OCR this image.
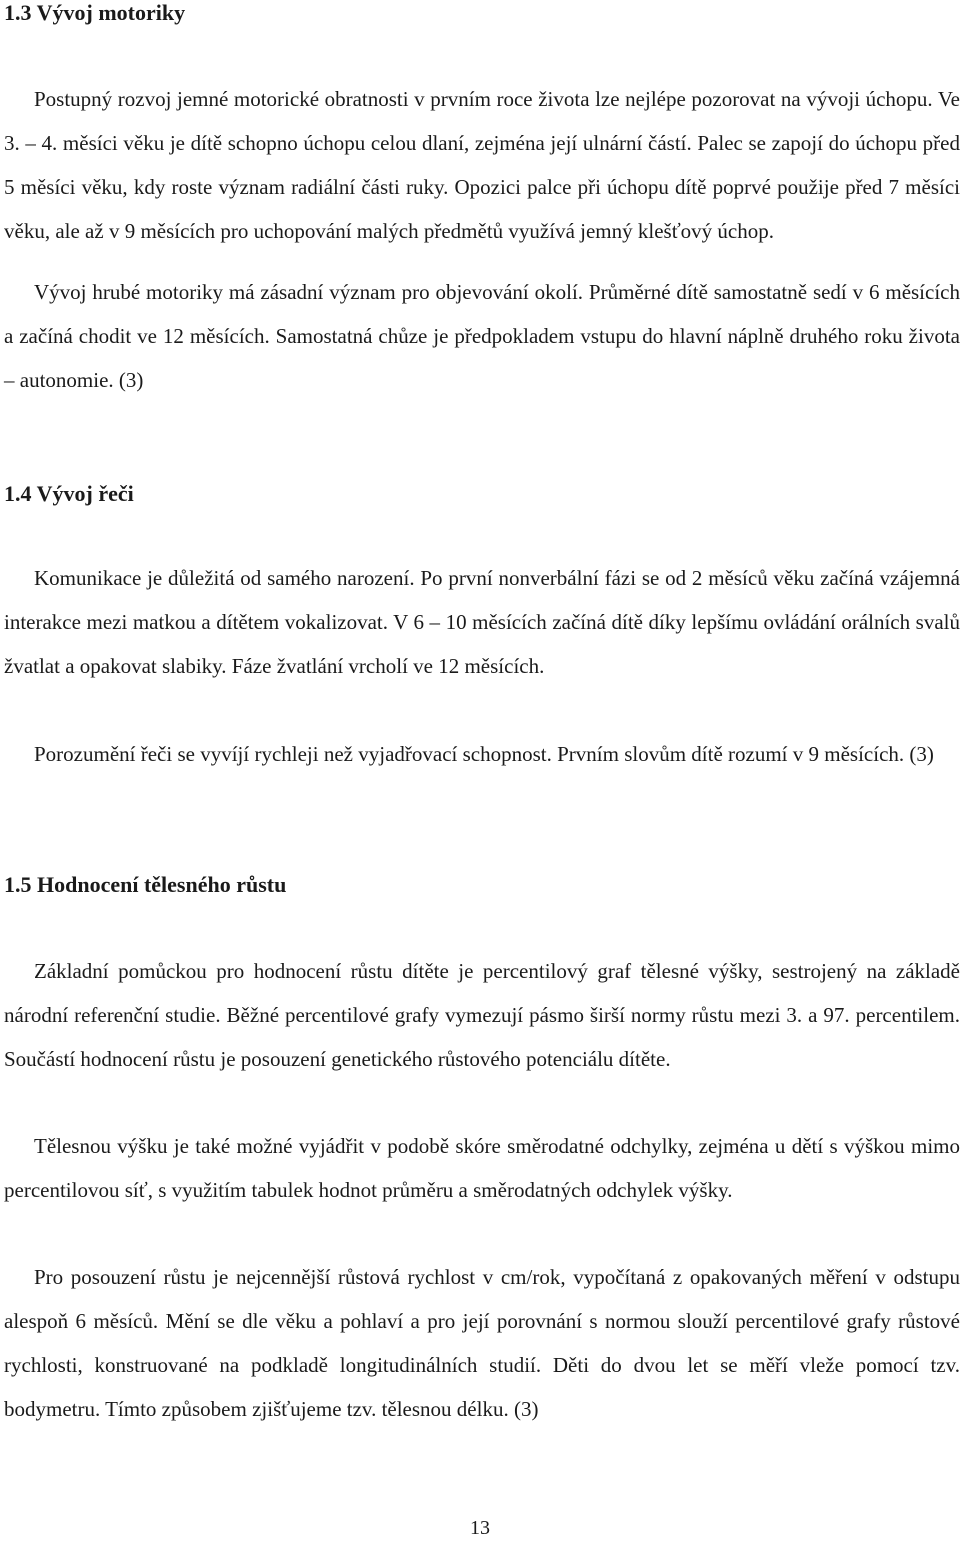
1.3 Vývoj motoriky

Postupný rozvoj jemné motorické obratnosti v prvním roce života lze nejlépe pozorovat na vývoji úchopu. Ve 3. – 4. měsíci věku je dítě schopno úchopu celou dlaní, zejména její ulnární částí. Palec se zapojí do úchopu před 5 měsíci věku, kdy roste význam radiální části ruky. Opozici palce při úchopu dítě poprvé použije před 7 měsíci věku, ale až v 9 měsících pro uchopování malých předmětů využívá jemný klešťový úchop.

Vývoj hrubé motoriky má zásadní význam pro objevování okolí. Průměrné dítě samostatně sedí v 6 měsících a začíná chodit ve 12 měsících. Samostatná chůze je předpokladem vstupu do hlavní náplně druhého roku života – autonomie. (3)

1.4 Vývoj řeči

Komunikace je důležitá od samého narození. Po první nonverbální fázi se od 2 měsíců věku začíná vzájemná interakce mezi matkou a dítětem vokalizovat. V 6 – 10 měsících začíná dítě díky lepšímu ovládání orálních svalů žvatlat a opakovat slabiky. Fáze žvatlání vrcholí ve 12 měsících.

Porozumění řeči se vyvíjí rychleji než vyjadřovací schopnost. Prvním slovům dítě rozumí v 9 měsících. (3)

1.5 Hodnocení tělesného růstu

Základní pomůckou pro hodnocení růstu dítěte je percentilový graf tělesné výšky, sestrojený na základě národní referenční studie. Běžné percentilové grafy vymezují pásmo širší normy růstu mezi 3. a 97. percentilem. Součástí hodnocení růstu je posouzení genetického růstového potenciálu dítěte.

Tělesnou výšku je také možné vyjádřit v podobě skóre směrodatné odchylky, zejména u dětí s výškou mimo percentilovou síť, s využitím tabulek hodnot průměru a směrodatných odchylek výšky.

Pro posouzení růstu je nejcennější růstová rychlost v cm/rok, vypočítaná z opakovaných měření v odstupu alespoň 6 měsíců. Mění se dle věku a pohlaví a pro její porovnání s normou slouží percentilové grafy růstové rychlosti, konstruované na podkladě longitudinálních studií. Děti do dvou let se měří vleže pomocí tzv. bodymetru. Tímto způsobem zjišťujeme tzv. tělesnou délku. (3)

13
